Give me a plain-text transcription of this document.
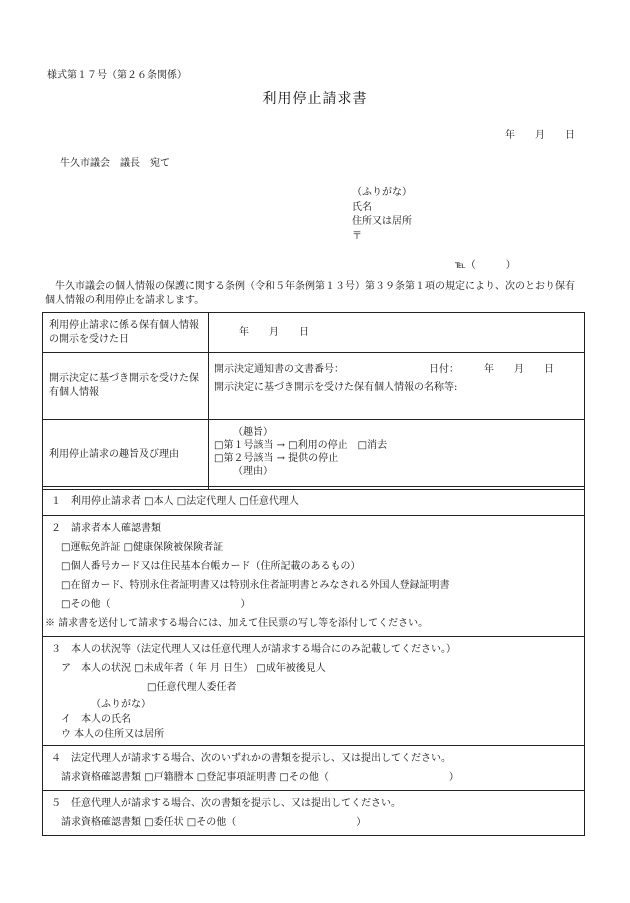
様式第１７号（第２６条関係）
利用停止請求書
年　　月　　日
牛久市議会　議長　宛て
（ふりがな）
氏名
住所又は居所
〒
℡（　　　）
　牛久市議会の個人情報の保護に関する条例（令和５年条例第１３号）第３９条第１項の規定により、次のとおり保有個人情報の利用停止を請求します。
利用停止請求に係る保有個人情報の開示を受けた日	年　　月　　日
開示決定に基づき開示を受けた保有個人情報	開示決定通知書の文書番号： 日付：　　　年　　月　　日
開示決定に基づき開示を受けた保有個人情報の名称等:

利用停止請求の趣旨及び理由	（趣旨）
□第１号該当 → □利用の停止　□消去
□第２号該当 → 提供の停止
（理由）
１　利用停止請求者 □本人 □法定代理人 □任意代理人

２　請求者本人確認書類
□運転免許証 □健康保険被保険者証
□個人番号カード又は住民基本台帳カード（住所記載のあるもの）
□在留カード、特別永住者証明書又は特別永住者証明書とみなされる外国人登録証明書
□その他（　　　　　　　　　　　　　）
※ 請求書を送付して請求する場合には、加えて住民票の写し等を添付してください。

３　本人の状況等（法定代理人又は任意代理人が請求する場合にのみ記載してください。）
ア　本人の状況 □未成年者（ 年 月 日生） □成年被後見人
□任意代理人委任者
（ふりがな）
イ　本人の氏名
ウ 本人の住所又は居所

４　法定代理人が請求する場合、次のいずれかの書類を提示し、又は提出してください。
請求資格確認書類 □戸籍謄本 □登記事項証明書 □その他（　　　　　　　　　　　　）

５　任意代理人が請求する場合、次の書類を提示し、又は提出してください。
請求資格確認書類 □委任状 □その他（　　　　　　　　　　　　）
